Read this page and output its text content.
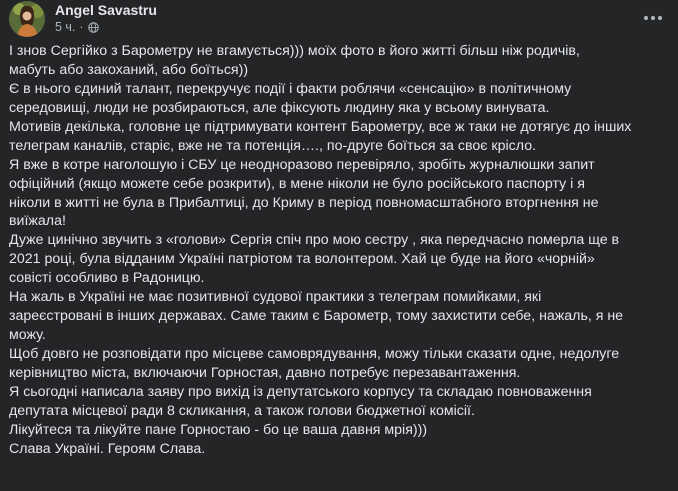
Angel Savastru
5 ч. ·
І знов Сергійко з Барометру не вгамується))) моїх фото в його житті більш ніж родичів,
мабуть або закоханий, або боїться))
Є в нього єдиний талант, перекручує події і факти роблячи «сенсацію» в політичному
середовищі, люди не розбираються, але фіксують людину яка у всьому винувата.
Мотивів декілька, головне це підтримувати контент Барометру, все ж таки не дотягує до інших
телеграм каналів, старіє, вже не та потенція…., по-друге боїться за своє крісло.
Я вже в котре наголошую і СБУ це неодноразово перевіряло, зробіть журналюшки запит
офіційний (якщо можете себе розкрити), в мене ніколи не було російського паспорту і я
ніколи в житті не була в Прибалтиці, до Криму в період повномасштабного вторгнення не
виїжала!
Дуже цинічно звучить з «голови» Сергія спіч про мою сестру , яка передчасно померла ще в
2021 році, була відданим Україні патріотом та волонтером. Хай це буде на його «чорній»
совісті особливо в Радоницю.
На жаль в Україні не має позитивної судової практики з телеграм помийками, які
зареєстровані в інших державах. Саме таким є Барометр, тому захистити себе, нажаль, я не
можу.
Щоб довго не розповідати про місцеве самоврядування, можу тільки сказати одне, недолуге
керівництво міста, включаючи Горностая, давно потребує перезавантаження.
Я сьогодні написала заяву про вихід із депутатського корпусу та складаю повноваження
депутата місцевої ради 8 скликання, а також голови бюджетної комісії.
Лікуйтеся та лікуйте пане Горностаю - бо це ваша давня мрія)))
Слава Україні. Героям Слава.
